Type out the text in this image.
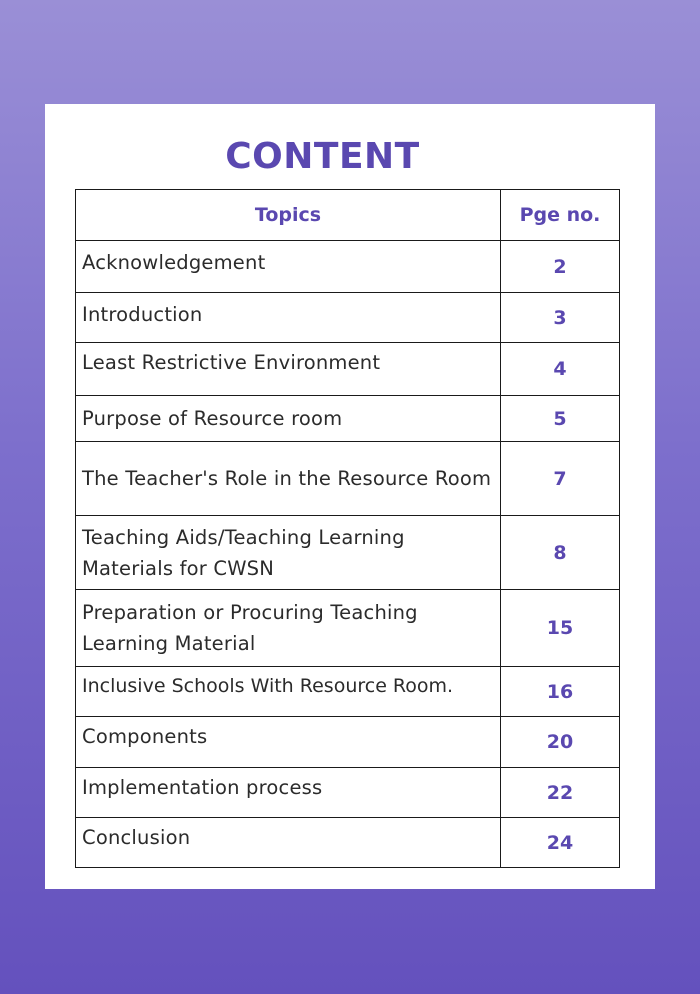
CONTENT
Topics	Pge no.
Acknowledgement	2
Introduction	3
Least Restrictive Environment	4
Purpose of Resource room	5
The Teacher's Role in the Resource Room	7
Teaching Aids/Teaching Learning Materials for CWSN	8
Preparation or Procuring Teaching Learning Material	15
Inclusive Schools With Resource Room.	16
Components	20
Implementation process	22
Conclusion	24
